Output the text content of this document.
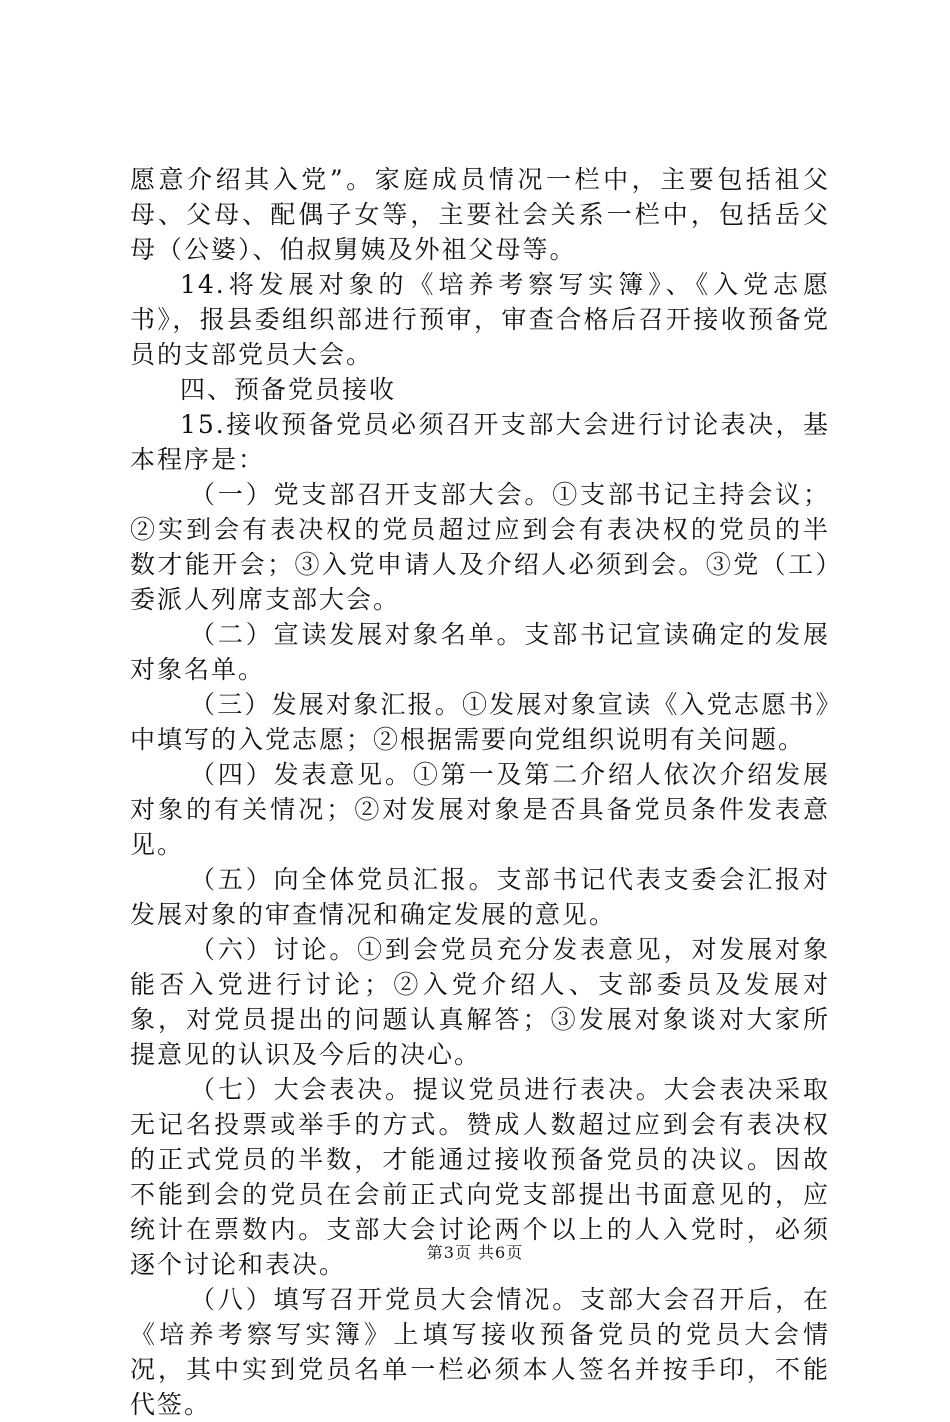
愿意介绍其入党”。家庭成员情况一栏中，主要包括祖父母、父母、配偶子女等，主要社会关系一栏中，包括岳父母（公婆）、伯叔舅姨及外祖父母等。

14.将发展对象的《培养考察写实簿》、《入党志愿书》，报县委组织部进行预审，审查合格后召开接收预备党员的支部党员大会。

四、预备党员接收

15.接收预备党员必须召开支部大会进行讨论表决，基本程序是：

（一）党支部召开支部大会。①支部书记主持会议；②实到会有表决权的党员超过应到会有表决权的党员的半数才能开会；③入党申请人及介绍人必须到会。③党（工）委派人列席支部大会。

（二）宣读发展对象名单。支部书记宣读确定的发展对象名单。

（三）发展对象汇报。①发展对象宣读《入党志愿书》中填写的入党志愿；②根据需要向党组织说明有关问题。

（四）发表意见。①第一及第二介绍人依次介绍发展对象的有关情况；②对发展对象是否具备党员条件发表意见。

（五）向全体党员汇报。支部书记代表支委会汇报对发展对象的审查情况和确定发展的意见。

（六）讨论。①到会党员充分发表意见，对发展对象能否入党进行讨论；②入党介绍人、支部委员及发展对象，对党员提出的问题认真解答；③发展对象谈对大家所提意见的认识及今后的决心。

（七）大会表决。提议党员进行表决。大会表决采取无记名投票或举手的方式。赞成人数超过应到会有表决权的正式党员的半数，才能通过接收预备党员的决议。因故不能到会的党员在会前正式向党支部提出书面意见的，应统计在票数内。支部大会讨论两个以上的人入党时，必须逐个讨论和表决。

（八）填写召开党员大会情况。支部大会召开后，在《培养考察写实簿》上填写接收预备党员的党员大会情况，其中实到党员名单一栏必须本人签名并按手印，不能代签。

第3页 共6页
